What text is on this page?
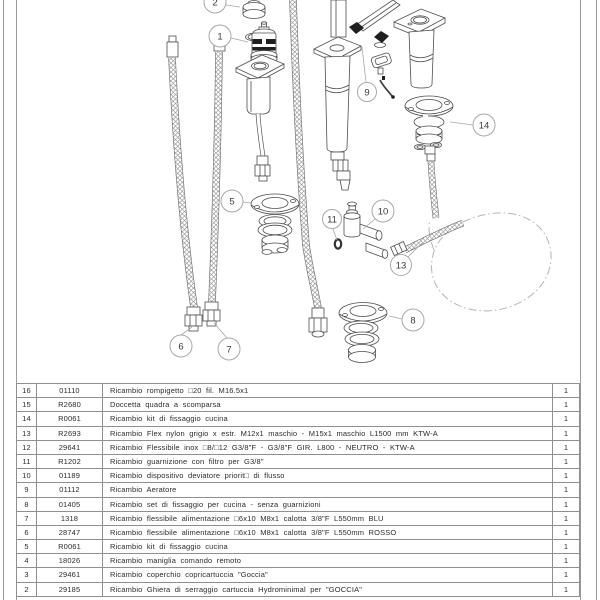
1
2
5
6	7
8
9
10
11
13
14
16	01110	Ricambio rompigetto □20 fil. M16.5x1	1
15	R2680	Doccetta quadra a scomparsa	1
14	R0061	Ricambio kit di fissaggio cucina	1
13	R2693	Ricambio Flex nylon grigio x estr. M12x1 maschio - M15x1 maschio L1500 mm KTW-A	1
12	29641	Ricambio Flessibile inox □8/□12 G3/8"F - G3/8"F GIR. L800 - NEUTRO - KTW-A	1
11	R1202	Ricambio guarnizione con filtro per G3/8"	1
10	01189	Ricambio dispositivo deviatore priorit□ di flusso	1
9	01112	Ricambio Aeratore	1
8	01405	Ricambio set di fissaggio per cucina - senza guarnizioni	1
7	1318	Ricambio flessibile alimentazione □6x10 M8x1 calotta 3/8"F L550mm BLU	1
6	28747	Ricambio flessibile alimentazione □6x10 M8x1 calotta 3/8"F L550mm ROSSO	1
5	R0061	Ricambio kit di fissaggio cucina	1
4	18026	Ricambio maniglia comando remoto	1
3	29461	Ricambio coperchio copricartuccia "Goccia"	1
2	29185	Ricambio Ghiera di serraggio cartuccia Hydrominimal per "GOCCIA"	1
